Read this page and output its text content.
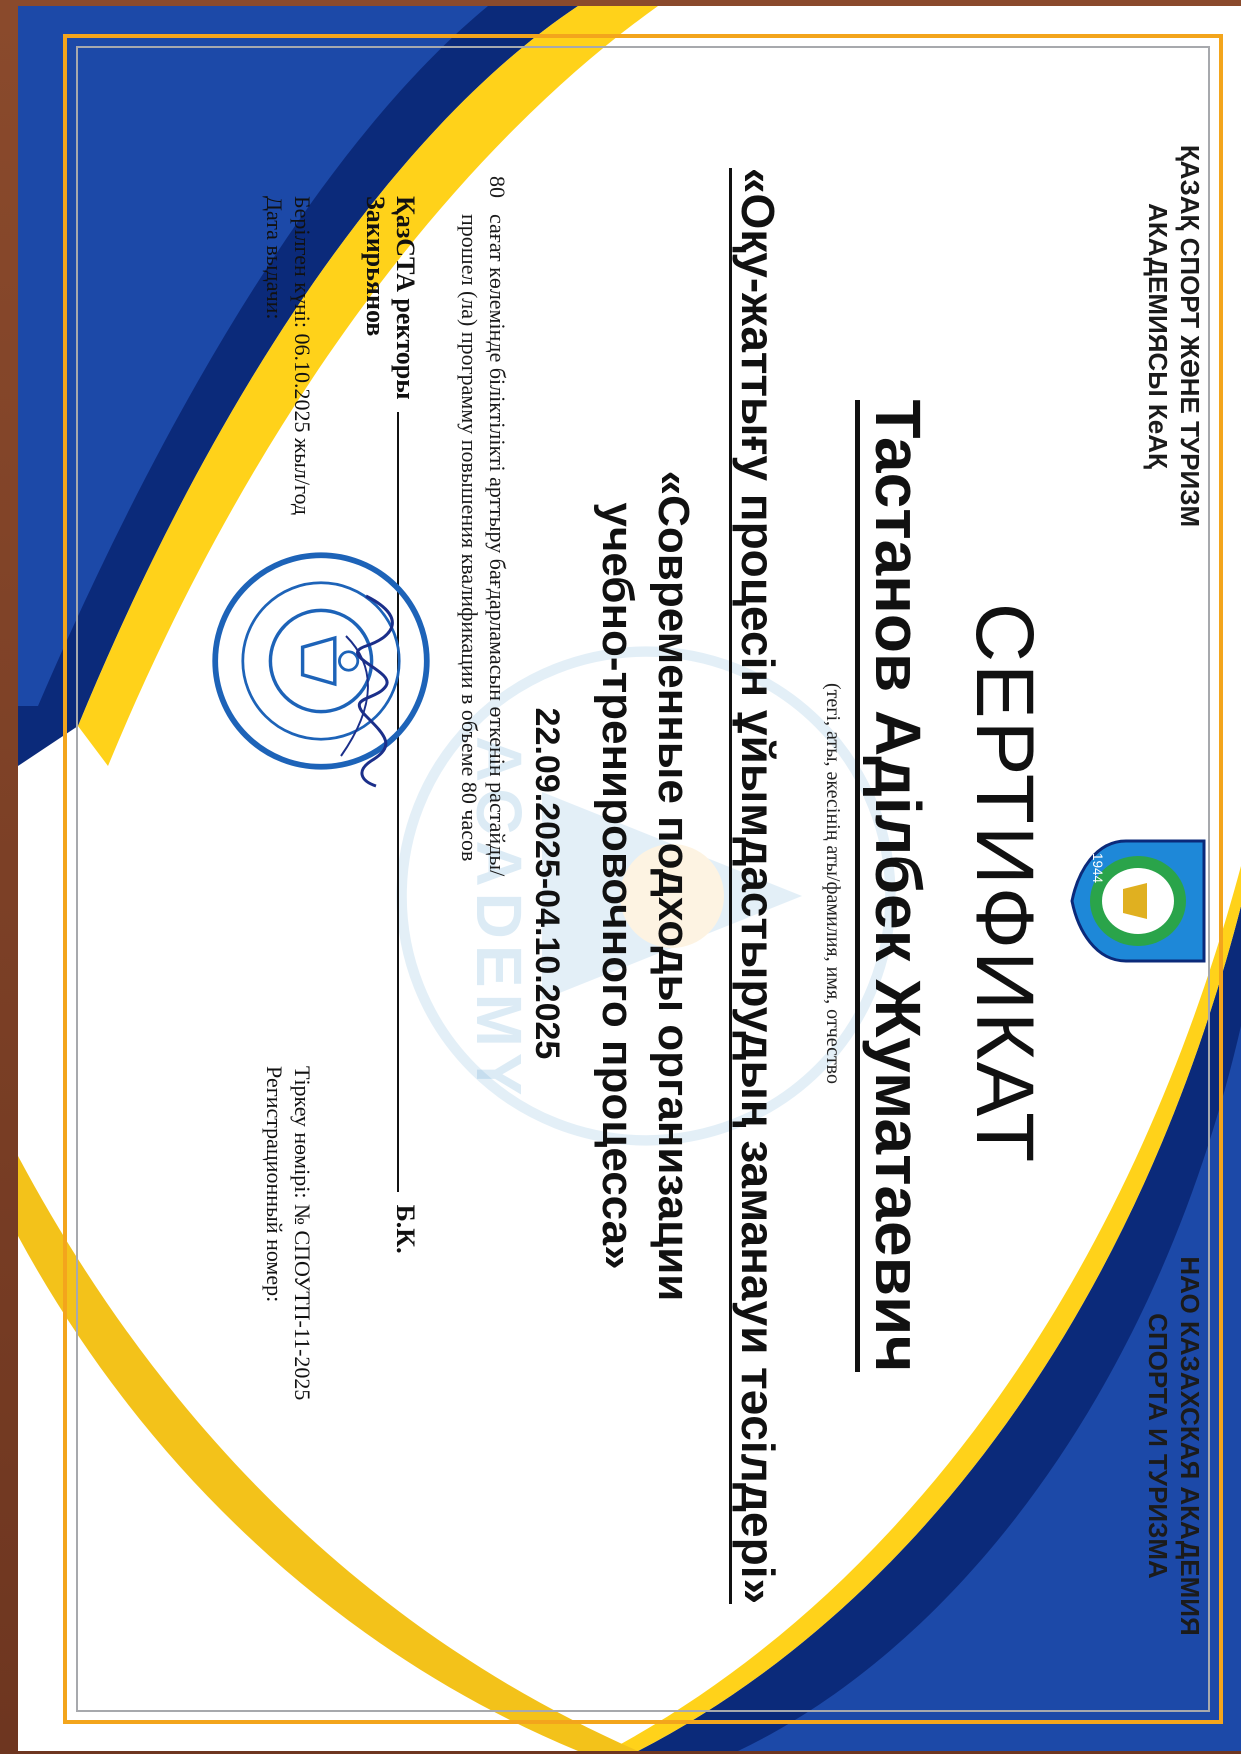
ACADEMY
ҚАЗАҚ СПОРТ ЖӘНЕ ТУРИЗМ
АКАДЕМИЯСЫ КеАҚ
1944
НАО КАЗАХСКАЯ АКАДЕМИЯ
СПОРТА И ТУРИЗМА
СЕРТИФИКАТ
Тастанов Аділбек Жуматаевич
(тегі, аты, әкесінің аты/фамилия, имя, отчество
«Оқу-жаттығу процесін ұйымдастырудың заманауи тәсілдері»
«Современные подходы организации
учебно-тренировочного процесса»
22.09.2025-04.10.2025
80сағат көлемінде біліктілікті арттыру бағдарламасын өткенін растайды/
прошел (ла) программу повышения квалификации в объеме 80 часов
ҚазСТА ректоры  Б.К. Закирьянов
Берілген күні: 06.10.2025 жыл/год
Дата выдачи:
Тіркеу нөмірі: № СПОУТП-11-2025
Регистрационный номер:
